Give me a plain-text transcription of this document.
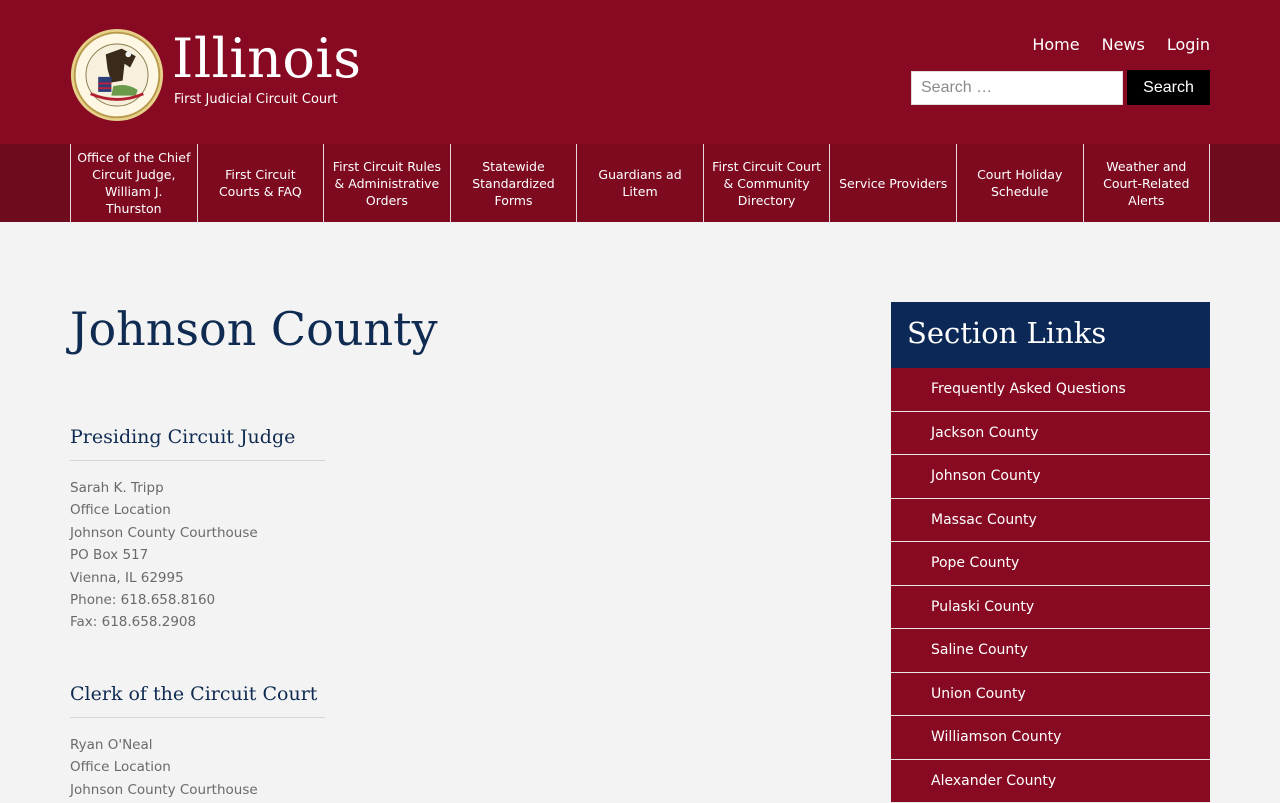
Illinois
First Judicial Circuit Court
Home News Login
Search …
Search
Office of the Chief Circuit Judge, William J. Thurston
First Circuit Courts & FAQ
First Circuit Rules & Administrative Orders
Statewide Standardized Forms
Guardians ad Litem
First Circuit Court & Community Directory
Service Providers
Court Holiday Schedule
Weather and Court-Related Alerts
Johnson County
Presiding Circuit Judge
Sarah K. Tripp
Office Location
Johnson County Courthouse
PO Box 517
Vienna, IL 62995
Phone: 618.658.8160
Fax: 618.658.2908
Clerk of the Circuit Court
Ryan O'Neal
Office Location
Johnson County Courthouse
Section Links
Frequently Asked Questions
Jackson County
Johnson County
Massac County
Pope County
Pulaski County
Saline County
Union County
Williamson County
Alexander County
